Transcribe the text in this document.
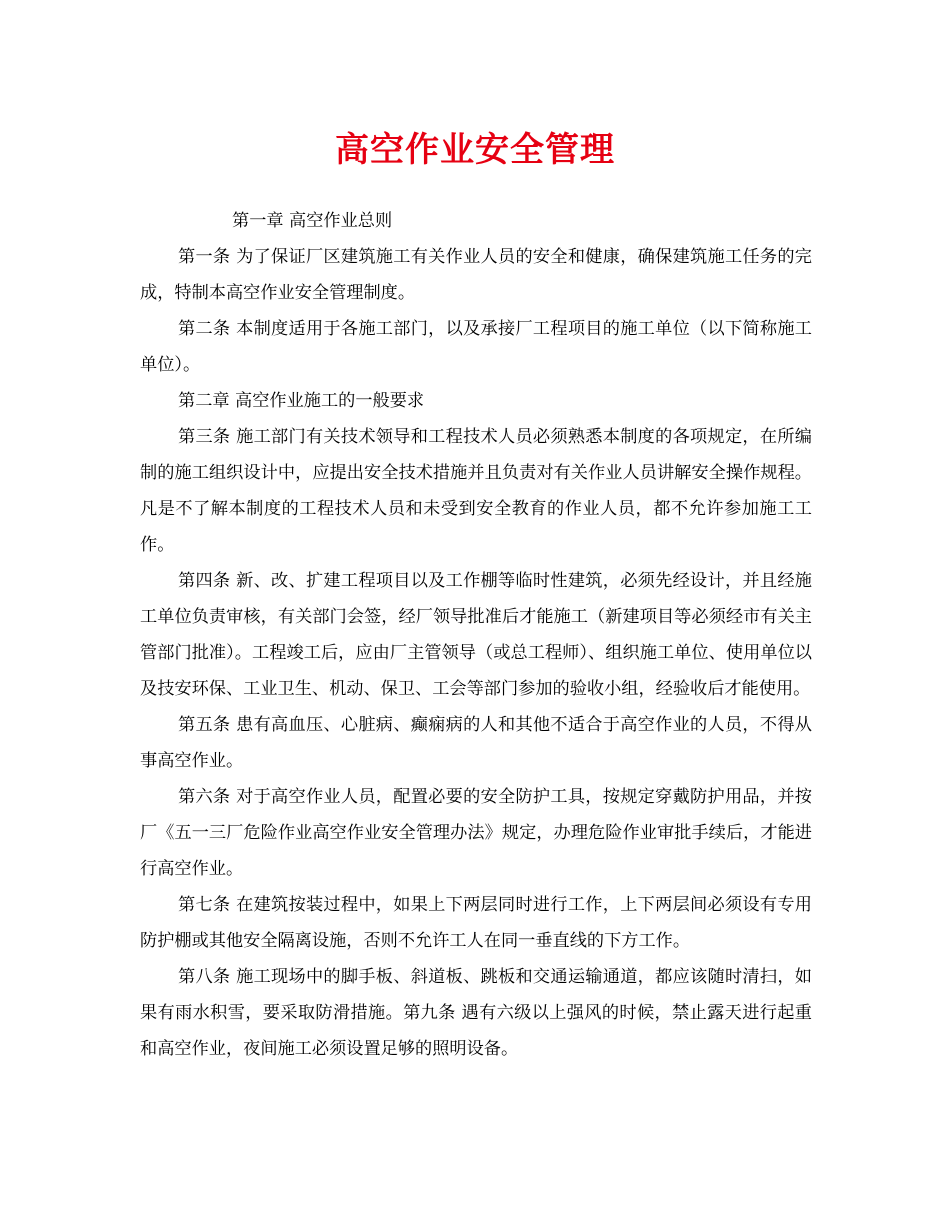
高空作业安全管理

第一章 高空作业总则

第一条 为了保证厂区建筑施工有关作业人员的安全和健康，确保建筑施工任务的完成，特制本高空作业安全管理制度。

第二条 本制度适用于各施工部门，以及承接厂工程项目的施工单位（以下简称施工单位）。

第二章 高空作业施工的一般要求

第三条 施工部门有关技术领导和工程技术人员必须熟悉本制度的各项规定，在所编制的施工组织设计中，应提出安全技术措施并且负责对有关作业人员讲解安全操作规程。凡是不了解本制度的工程技术人员和未受到安全教育的作业人员，都不允许参加施工工作。

第四条 新、改、扩建工程项目以及工作棚等临时性建筑，必须先经设计，并且经施工单位负责审核，有关部门会签，经厂领导批准后才能施工（新建项目等必须经市有关主管部门批准）。工程竣工后，应由厂主管领导（或总工程师）、组织施工单位、使用单位以及技安环保、工业卫生、机动、保卫、工会等部门参加的验收小组，经验收后才能使用。

第五条 患有高血压、心脏病、癫痫病的人和其他不适合于高空作业的人员，不得从事高空作业。

第六条 对于高空作业人员，配置必要的安全防护工具，按规定穿戴防护用品，并按厂《五一三厂危险作业高空作业安全管理办法》规定，办理危险作业审批手续后，才能进行高空作业。

第七条 在建筑按装过程中，如果上下两层同时进行工作，上下两层间必须设有专用防护棚或其他安全隔离设施，否则不允许工人在同一垂直线的下方工作。

第八条 施工现场中的脚手板、斜道板、跳板和交通运输通道，都应该随时清扫，如果有雨水积雪，要采取防滑措施。第九条 遇有六级以上强风的时候，禁止露天进行起重和高空作业，夜间施工必须设置足够的照明设备。
